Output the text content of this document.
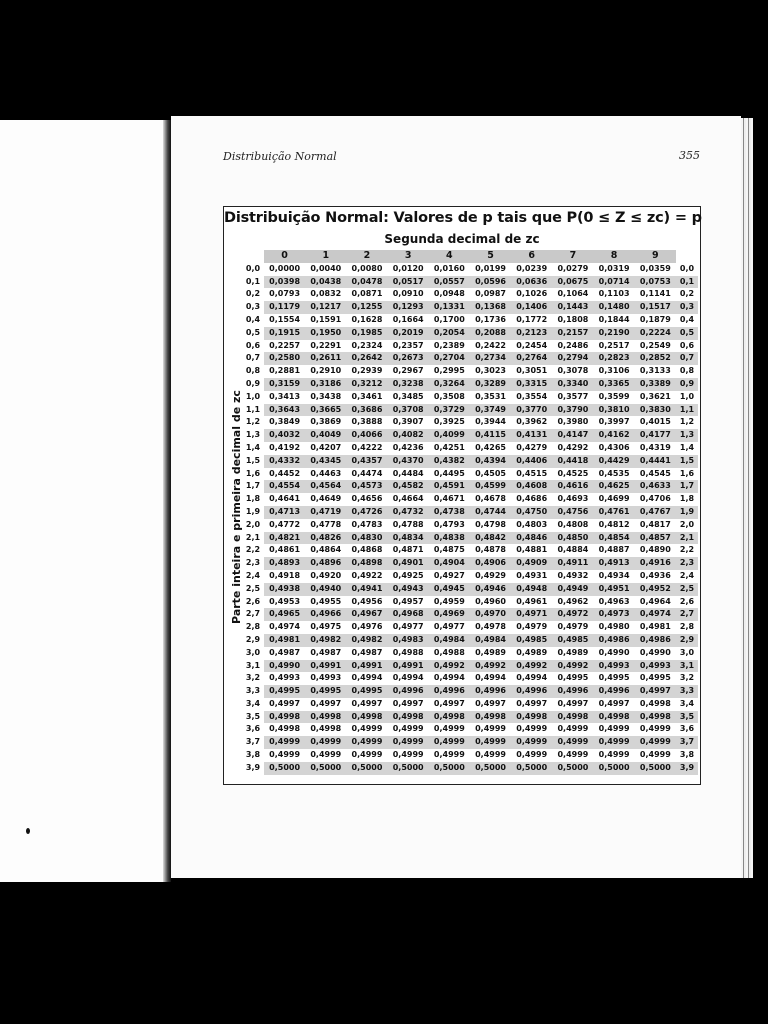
Distribuição Normal	355
Distribuição Normal: Valores de p tais que P(0 ≤ Z ≤ zc) = p
Segunda decimal de zc
Parte inteira e primeira decimal de zc
	0	1	2	3	4	5	6	7	8	9	
0,0	0,0000	0,0040	0,0080	0,0120	0,0160	0,0199	0,0239	0,0279	0,0319	0,0359	0,0
0,1	0,0398	0,0438	0,0478	0,0517	0,0557	0,0596	0,0636	0,0675	0,0714	0,0753	0,1
0,2	0,0793	0,0832	0,0871	0,0910	0,0948	0,0987	0,1026	0,1064	0,1103	0,1141	0,2
0,3	0,1179	0,1217	0,1255	0,1293	0,1331	0,1368	0,1406	0,1443	0,1480	0,1517	0,3
0,4	0,1554	0,1591	0,1628	0,1664	0,1700	0,1736	0,1772	0,1808	0,1844	0,1879	0,4
0,5	0,1915	0,1950	0,1985	0,2019	0,2054	0,2088	0,2123	0,2157	0,2190	0,2224	0,5
0,6	0,2257	0,2291	0,2324	0,2357	0,2389	0,2422	0,2454	0,2486	0,2517	0,2549	0,6
0,7	0,2580	0,2611	0,2642	0,2673	0,2704	0,2734	0,2764	0,2794	0,2823	0,2852	0,7
0,8	0,2881	0,2910	0,2939	0,2967	0,2995	0,3023	0,3051	0,3078	0,3106	0,3133	0,8
0,9	0,3159	0,3186	0,3212	0,3238	0,3264	0,3289	0,3315	0,3340	0,3365	0,3389	0,9
1,0	0,3413	0,3438	0,3461	0,3485	0,3508	0,3531	0,3554	0,3577	0,3599	0,3621	1,0
1,1	0,3643	0,3665	0,3686	0,3708	0,3729	0,3749	0,3770	0,3790	0,3810	0,3830	1,1
1,2	0,3849	0,3869	0,3888	0,3907	0,3925	0,3944	0,3962	0,3980	0,3997	0,4015	1,2
1,3	0,4032	0,4049	0,4066	0,4082	0,4099	0,4115	0,4131	0,4147	0,4162	0,4177	1,3
1,4	0,4192	0,4207	0,4222	0,4236	0,4251	0,4265	0,4279	0,4292	0,4306	0,4319	1,4
1,5	0,4332	0,4345	0,4357	0,4370	0,4382	0,4394	0,4406	0,4418	0,4429	0,4441	1,5
1,6	0,4452	0,4463	0,4474	0,4484	0,4495	0,4505	0,4515	0,4525	0,4535	0,4545	1,6
1,7	0,4554	0,4564	0,4573	0,4582	0,4591	0,4599	0,4608	0,4616	0,4625	0,4633	1,7
1,8	0,4641	0,4649	0,4656	0,4664	0,4671	0,4678	0,4686	0,4693	0,4699	0,4706	1,8
1,9	0,4713	0,4719	0,4726	0,4732	0,4738	0,4744	0,4750	0,4756	0,4761	0,4767	1,9
2,0	0,4772	0,4778	0,4783	0,4788	0,4793	0,4798	0,4803	0,4808	0,4812	0,4817	2,0
2,1	0,4821	0,4826	0,4830	0,4834	0,4838	0,4842	0,4846	0,4850	0,4854	0,4857	2,1
2,2	0,4861	0,4864	0,4868	0,4871	0,4875	0,4878	0,4881	0,4884	0,4887	0,4890	2,2
2,3	0,4893	0,4896	0,4898	0,4901	0,4904	0,4906	0,4909	0,4911	0,4913	0,4916	2,3
2,4	0,4918	0,4920	0,4922	0,4925	0,4927	0,4929	0,4931	0,4932	0,4934	0,4936	2,4
2,5	0,4938	0,4940	0,4941	0,4943	0,4945	0,4946	0,4948	0,4949	0,4951	0,4952	2,5
2,6	0,4953	0,4955	0,4956	0,4957	0,4959	0,4960	0,4961	0,4962	0,4963	0,4964	2,6
2,7	0,4965	0,4966	0,4967	0,4968	0,4969	0,4970	0,4971	0,4972	0,4973	0,4974	2,7
2,8	0,4974	0,4975	0,4976	0,4977	0,4977	0,4978	0,4979	0,4979	0,4980	0,4981	2,8
2,9	0,4981	0,4982	0,4982	0,4983	0,4984	0,4984	0,4985	0,4985	0,4986	0,4986	2,9
3,0	0,4987	0,4987	0,4987	0,4988	0,4988	0,4989	0,4989	0,4989	0,4990	0,4990	3,0
3,1	0,4990	0,4991	0,4991	0,4991	0,4992	0,4992	0,4992	0,4992	0,4993	0,4993	3,1
3,2	0,4993	0,4993	0,4994	0,4994	0,4994	0,4994	0,4994	0,4995	0,4995	0,4995	3,2
3,3	0,4995	0,4995	0,4995	0,4996	0,4996	0,4996	0,4996	0,4996	0,4996	0,4997	3,3
3,4	0,4997	0,4997	0,4997	0,4997	0,4997	0,4997	0,4997	0,4997	0,4997	0,4998	3,4
3,5	0,4998	0,4998	0,4998	0,4998	0,4998	0,4998	0,4998	0,4998	0,4998	0,4998	3,5
3,6	0,4998	0,4998	0,4999	0,4999	0,4999	0,4999	0,4999	0,4999	0,4999	0,4999	3,6
3,7	0,4999	0,4999	0,4999	0,4999	0,4999	0,4999	0,4999	0,4999	0,4999	0,4999	3,7
3,8	0,4999	0,4999	0,4999	0,4999	0,4999	0,4999	0,4999	0,4999	0,4999	0,4999	3,8
3,9	0,5000	0,5000	0,5000	0,5000	0,5000	0,5000	0,5000	0,5000	0,5000	0,5000	3,9
